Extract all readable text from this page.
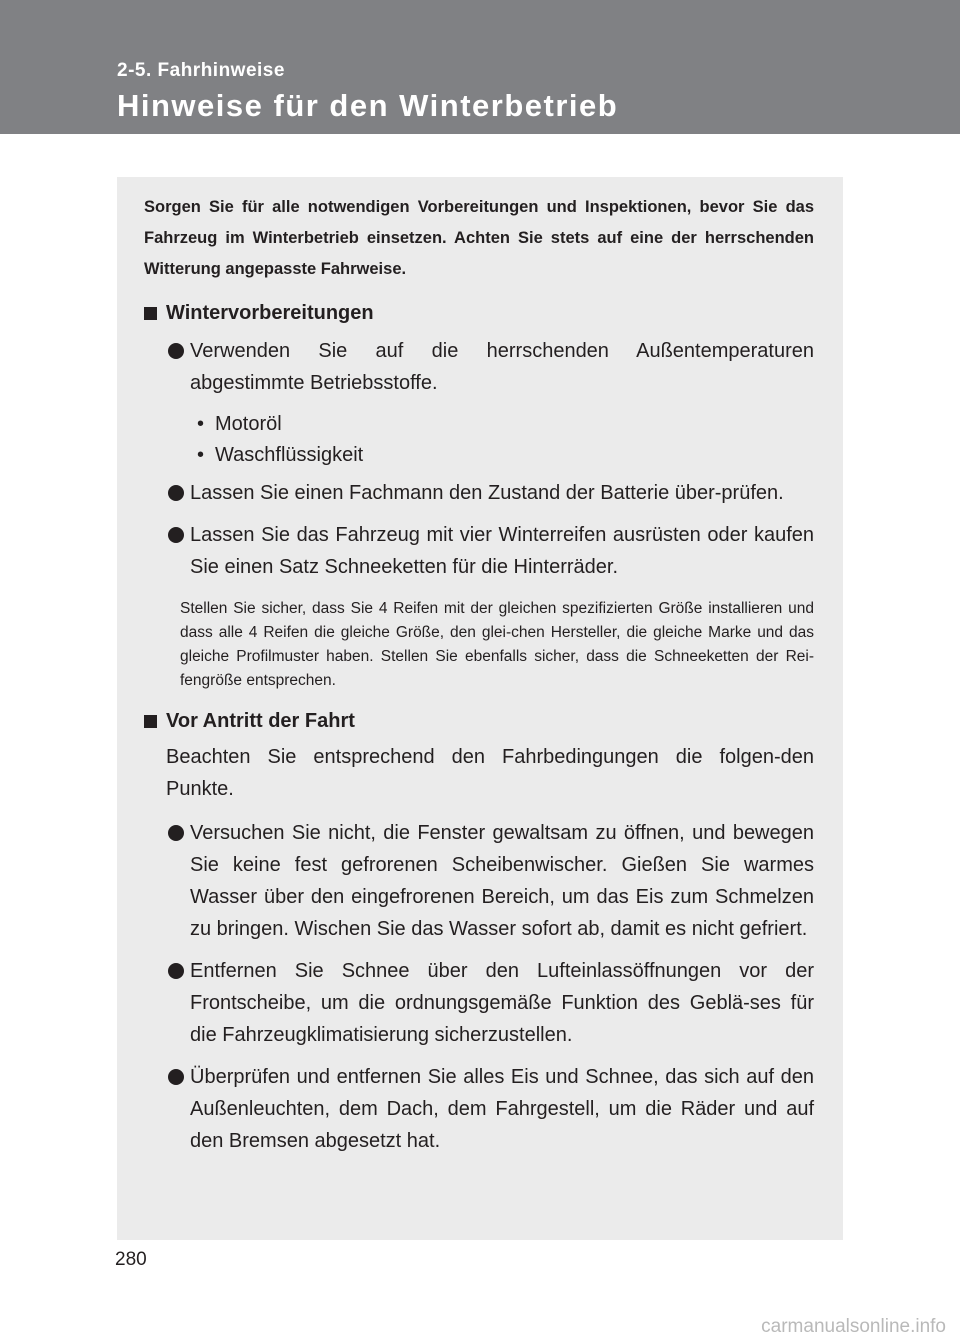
2-5. Fahrhinweise
Hinweise für den Winterbetrieb

Sorgen Sie für alle notwendigen Vorbereitungen und Inspektionen, bevor Sie das Fahrzeug im Winterbetrieb einsetzen. Achten Sie stets auf eine der herrschenden Witterung angepasste Fahrweise.

Wintervorbereitungen
Verwenden Sie auf die herrschenden Außentemperaturen abgestimmte Betriebsstoffe.
• Motoröl
• Waschflüssigkeit
Lassen Sie einen Fachmann den Zustand der Batterie über-prüfen.
Lassen Sie das Fahrzeug mit vier Winterreifen ausrüsten oder kaufen Sie einen Satz Schneeketten für die Hinterräder.

Stellen Sie sicher, dass Sie 4 Reifen mit der gleichen spezifizierten Größe installieren und dass alle 4 Reifen die gleiche Größe, den glei-chen Hersteller, die gleiche Marke und das gleiche Profilmuster haben. Stellen Sie ebenfalls sicher, dass die Schneeketten der Rei-fengröße entsprechen.

Vor Antritt der Fahrt

Beachten Sie entsprechend den Fahrbedingungen die folgen-den Punkte.

Versuchen Sie nicht, die Fenster gewaltsam zu öffnen, und bewegen Sie keine fest gefrorenen Scheibenwischer. Gießen Sie warmes Wasser über den eingefrorenen Bereich, um das Eis zum Schmelzen zu bringen. Wischen Sie das Wasser sofort ab, damit es nicht gefriert.
Entfernen Sie Schnee über den Lufteinlassöffnungen vor der Frontscheibe, um die ordnungsgemäße Funktion des Geblä-ses für die Fahrzeugklimatisierung sicherzustellen.
Überprüfen und entfernen Sie alles Eis und Schnee, das sich auf den Außenleuchten, dem Dach, dem Fahrgestell, um die Räder und auf den Bremsen abgesetzt hat.
280
carmanualsonline.info
